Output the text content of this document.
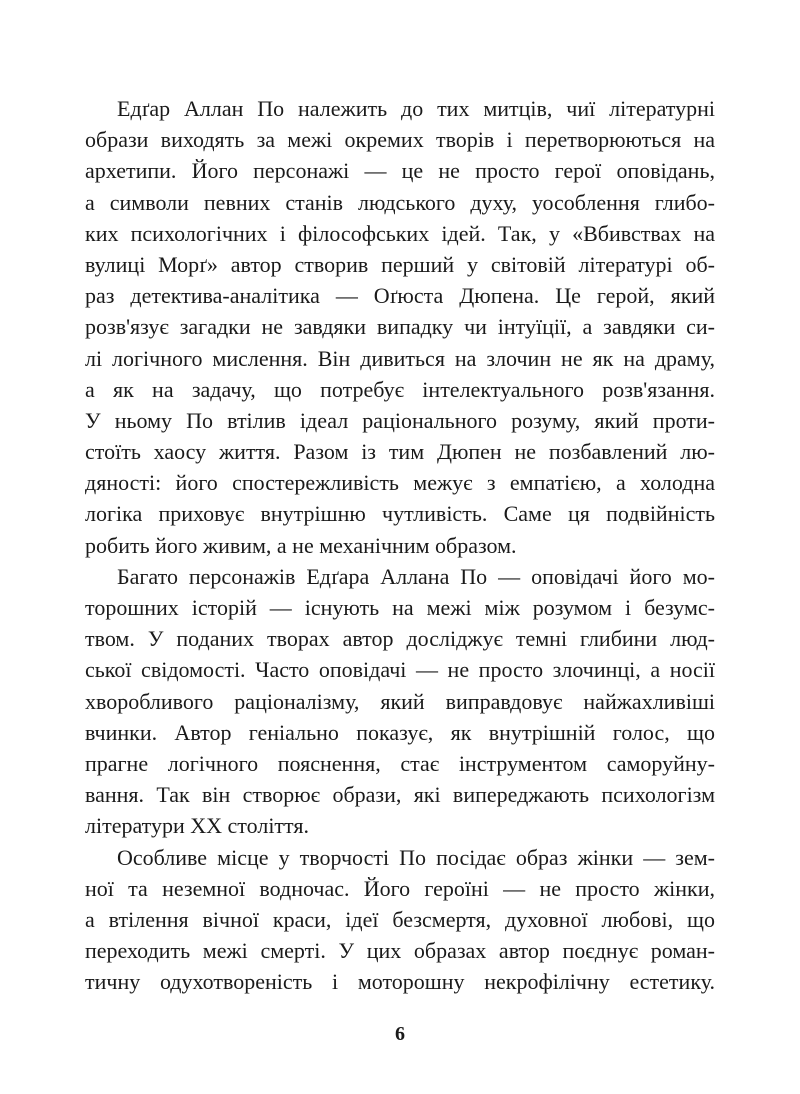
Едґар Аллан По належить до тих митців, чиї літературні
образи виходять за межі окремих творів і перетворюються на
архетипи. Його персонажі — це не просто герої оповідань,
а символи певних станів людського духу, уособлення глибо-
ких психологічних і філософських ідей. Так, у «Вбивствах на
вулиці Морґ» автор створив перший у світовій літературі об-
раз детектива-аналітика — Оґюста Дюпена. Це герой, який
розв'язує загадки не завдяки випадку чи інтуїції, а завдяки си-
лі логічного мислення. Він дивиться на злочин не як на драму,
а як на задачу, що потребує інтелектуального розв'язання.
У ньому По втілив ідеал раціонального розуму, який проти-
стоїть хаосу життя. Разом із тим Дюпен не позбавлений лю-
дяності: його спостережливість межує з емпатією, а холодна
логіка приховує внутрішню чутливість. Саме ця подвійність
робить його живим, а не механічним образом.
Багато персонажів Едґара Аллана По — оповідачі його мо-
торошних історій — існують на межі між розумом і безумс-
твом. У поданих творах автор досліджує темні глибини люд-
ської свідомості. Часто оповідачі — не просто злочинці, а носії
хворобливого раціоналізму, який виправдовує найжахливіші
вчинки. Автор геніально показує, як внутрішній голос, що
прагне логічного пояснення, стає інструментом саморуйну-
вання. Так він створює образи, які випереджають психологізм
літератури ХХ століття.
Особливе місце у творчості По посідає образ жінки — зем-
ної та неземної водночас. Його героїні — не просто жінки,
а втілення вічної краси, ідеї безсмертя, духовної любові, що
переходить межі смерті. У цих образах автор поєднує роман-
тичну одухотвореність і моторошну некрофілічну естетику.
6
